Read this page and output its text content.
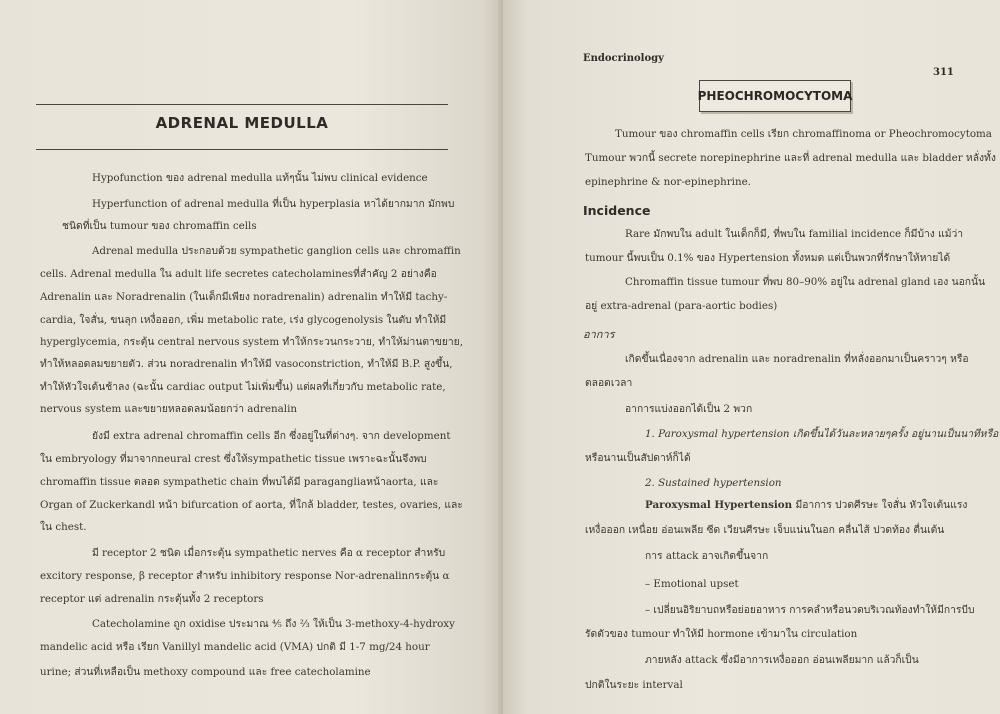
ADRENAL MEDULLA
Hypofunction ของ adrenal medulla แท้ๆนั้น ไม่พบ clinical evidence
Hyperfunction of adrenal medulla ที่เป็น hyperplasia หาได้ยากมาก มักพบ
ชนิดที่เป็น tumour ของ chromaffin cells
Adrenal medulla ประกอบด้วย sympathetic ganglion cells และ chromaffin
cells. Adrenal medulla ใน adult life secretes catecholaminesที่สำคัญ 2 อย่างคือ
Adrenalin และ Noradrenalin (ในเด็กมีเพียง noradrenalin) adrenalin ทำให้มี tachy-
cardia, ใจสั่น, ขนลุก เหงื่อออก, เพิ่ม metabolic rate, เร่ง glycogenolysis ในตับ ทำให้มี
hyperglycemia, กระตุ้น central nervous system ทำให้กระวนกระวาย, ทำให้ม่านตาขยาย,
ทำให้หลอดลมขยายตัว. ส่วน noradrenalin ทำให้มี vasoconstriction, ทำให้มี B.P. สูงขึ้น,
ทำให้หัวใจเต้นช้าลง (ฉะนั้น cardiac output ไม่เพิ่มขึ้น) แต่ผลที่เกี่ยวกับ metabolic rate,
nervous system และขยายหลอดลมน้อยกว่า adrenalin
ยังมี extra adrenal chromaffin cells อีก ซึ่งอยู่ในที่ต่างๆ. จาก development
ใน embryology ที่มาจากneural crest ซึ่งให้sympathetic tissue เพราะฉะนั้นจึงพบ
chromaffin tissue ตลอด sympathetic chain ที่พบได้มี paragangliaหน้าaorta, และ
Organ of Zuckerkandl หน้า bifurcation of aorta, ที่ใกล้ bladder, testes, ovaries, และ
ใน chest.
มี receptor 2 ชนิด เมื่อกระตุ้น sympathetic nerves คือ α receptor สำหรับ
excitory response, β receptor สำหรับ inhibitory response Nor-adrenalinกระตุ้น α
receptor แต่ adrenalin กระตุ้นทั้ง 2 receptors
Catecholamine ถูก oxidise ประมาณ ⅘ ถึง ⅔ ให้เป็น 3-methoxy-4-hydroxy
mandelic acid หรือ เรียก Vanillyl mandelic acid (VMA) ปกติ มี 1-7 mg/24 hour
urine; ส่วนที่เหลือเป็น methoxy compound และ free catecholamine
Endocrinology
311
PHEOCHROMOCYTOMA
Tumour ของ chromaffin cells เรียก chromaffinoma or Pheochromocytoma
Tumour พวกนี้ secrete norepinephrine และที่ adrenal medulla และ bladder หลั่งทั้ง
epinephrine & nor-epinephrine.
Incidence
Rare มักพบใน adult ในเด็กก็มี, ที่พบใน familial incidence ก็มีบ้าง แม้ว่า
tumour นี้พบเป็น 0.1% ของ Hypertension ทั้งหมด แต่เป็นพวกที่รักษาให้หายได้
Chromaffin tissue tumour ที่พบ 80–90% อยู่ใน adrenal gland เอง นอกนั้น
อยู่ extra-adrenal (para-aortic bodies)
อาการ
เกิดขึ้นเนื่องจาก adrenalin และ noradrenalin ที่หลั่งออกมาเป็นคราวๆ หรือ
ตลอดเวลา
อาการแบ่งออกได้เป็น 2 พวก
1. Paroxysmal hypertension เกิดขึ้นได้วันละหลายๆครั้ง อยู่นานเป็นนาทีหรือ
หรือนานเป็นสัปดาห์ก็ได้
2. Sustained hypertension
Paroxysmal Hypertension มีอาการ ปวดศีรษะ ใจสั่น หัวใจเต้นแรง
เหงื่อออก เหนื่อย อ่อนเพลีย ซีด เวียนศีรษะ เจ็บแน่นในอก คลื่นไส้ ปวดท้อง ตื่นเต้น
การ attack อาจเกิดขึ้นจาก
– Emotional upset
– เปลี่ยนอิริยาบถหรือย่อยอาหาร การคลำหรือนวดบริเวณท้องทำให้มีการบีบ
รัดตัวของ tumour ทำให้มี hormone เข้ามาใน circulation
ภายหลัง attack ซึ่งมีอาการเหงื่อออก อ่อนเพลียมาก แล้วก็เป็น
ปกติในระยะ interval
